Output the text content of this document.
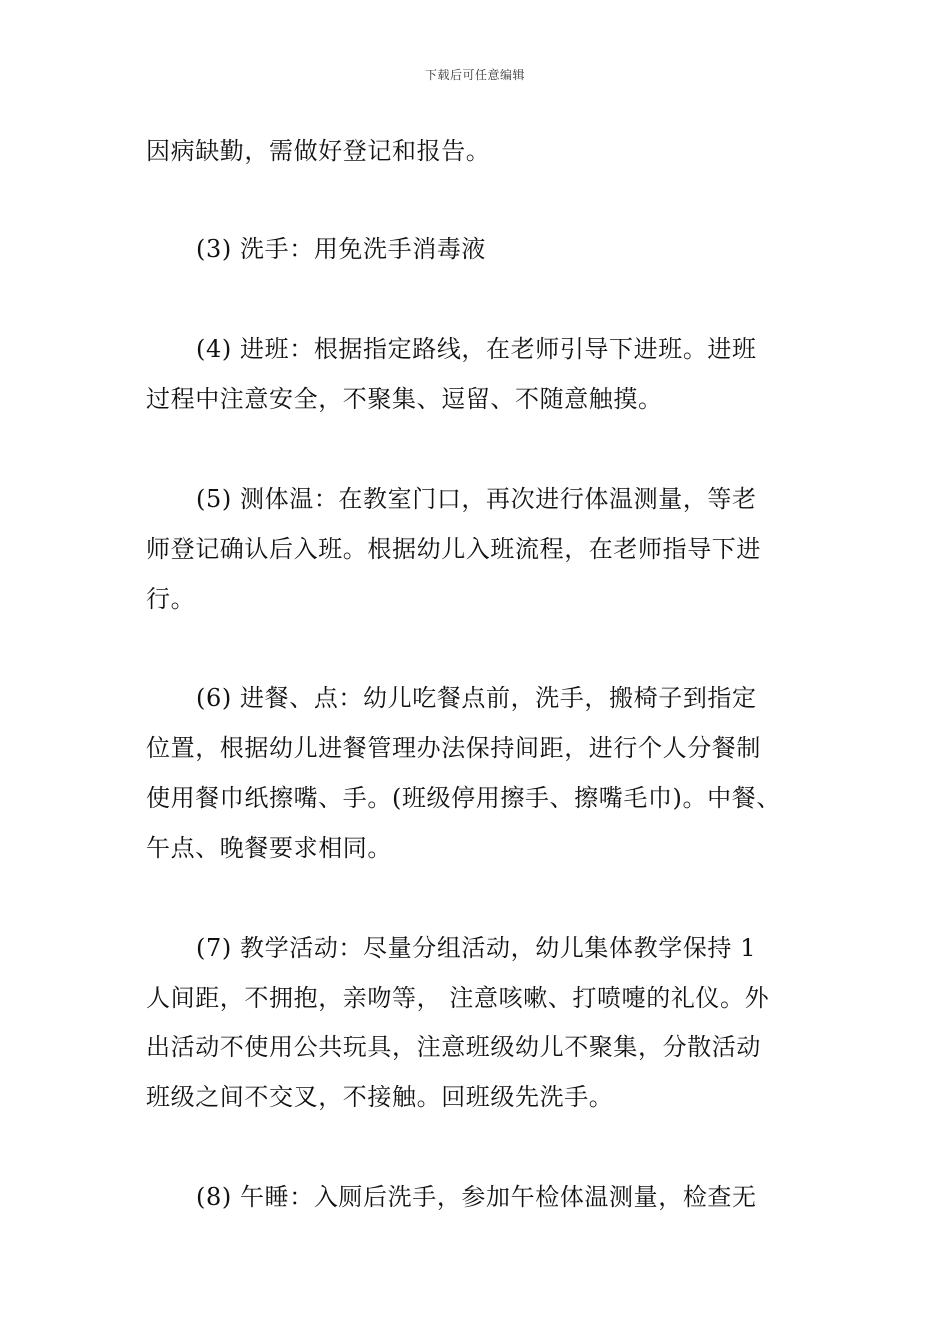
下载后可任意编辑
因病缺勤，需做好登记和报告。
(3) 洗手：用免洗手消毒液
(4) 进班：根据指定路线，在老师引导下进班。进班
过程中注意安全，不聚集、逗留、不随意触摸。
(5) 测体温：在教室门口，再次进行体温测量，等老
师登记确认后入班。根据幼儿入班流程，在老师指导下进
行。
(6) 进餐、点：幼儿吃餐点前，洗手，搬椅子到指定
位置，根据幼儿进餐管理办法保持间距，进行个人分餐制
使用餐巾纸擦嘴、手。(班级停用擦手、擦嘴毛巾)。中餐、
午点、晚餐要求相同。
(7) 教学活动：尽量分组活动，幼儿集体教学保持 1
人间距，不拥抱，亲吻等， 注意咳嗽、打喷嚏的礼仪。外
出活动不使用公共玩具，注意班级幼儿不聚集，分散活动
班级之间不交叉，不接触。回班级先洗手。
(8) 午睡：入厕后洗手，参加午检体温测量，检查无
